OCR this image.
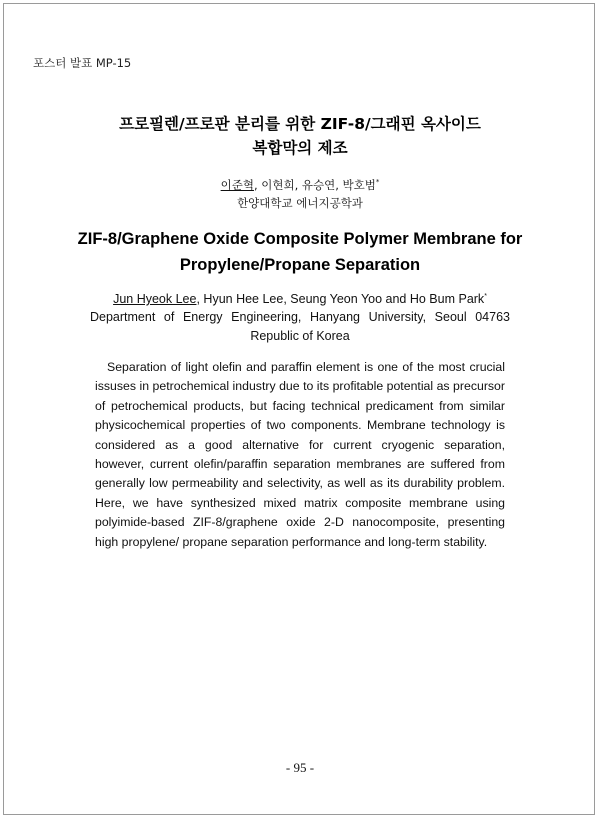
포스터 발표 MP-15
프로필렌/프로판 분리를 위한 ZIF-8/그래핀 옥사이드
복합막의 제조
이준혁, 이현희, 유승연, 박호범*
한양대학교 에너지공학과
ZIF-8/Graphene Oxide Composite Polymer Membrane for
Propylene/Propane Separation
Jun Hyeok Lee, Hyun Hee Lee, Seung Yeon Yoo and Ho Bum Park*
Department of Energy Engineering, Hanyang University, Seoul 04763 Republic of Korea

Separation of light olefin and paraffin element is one of the most crucial issuses in petrochemical industry due to its profitable potential as precursor of petrochemical products, but facing technical predicament from similar physicochemical properties of two components. Membrane technology is considered as a good alternative for current cryogenic separation, however, current olefin/paraffin separation membranes are suffered from generally low permeability and selectivity, as well as its durability problem. Here, we have synthesized mixed matrix composite membrane using polyimide-based ZIF-8/graphene oxide 2-D nanocomposite, presenting high propylene/ propane separation performance and long-term stability.

- 95 -
